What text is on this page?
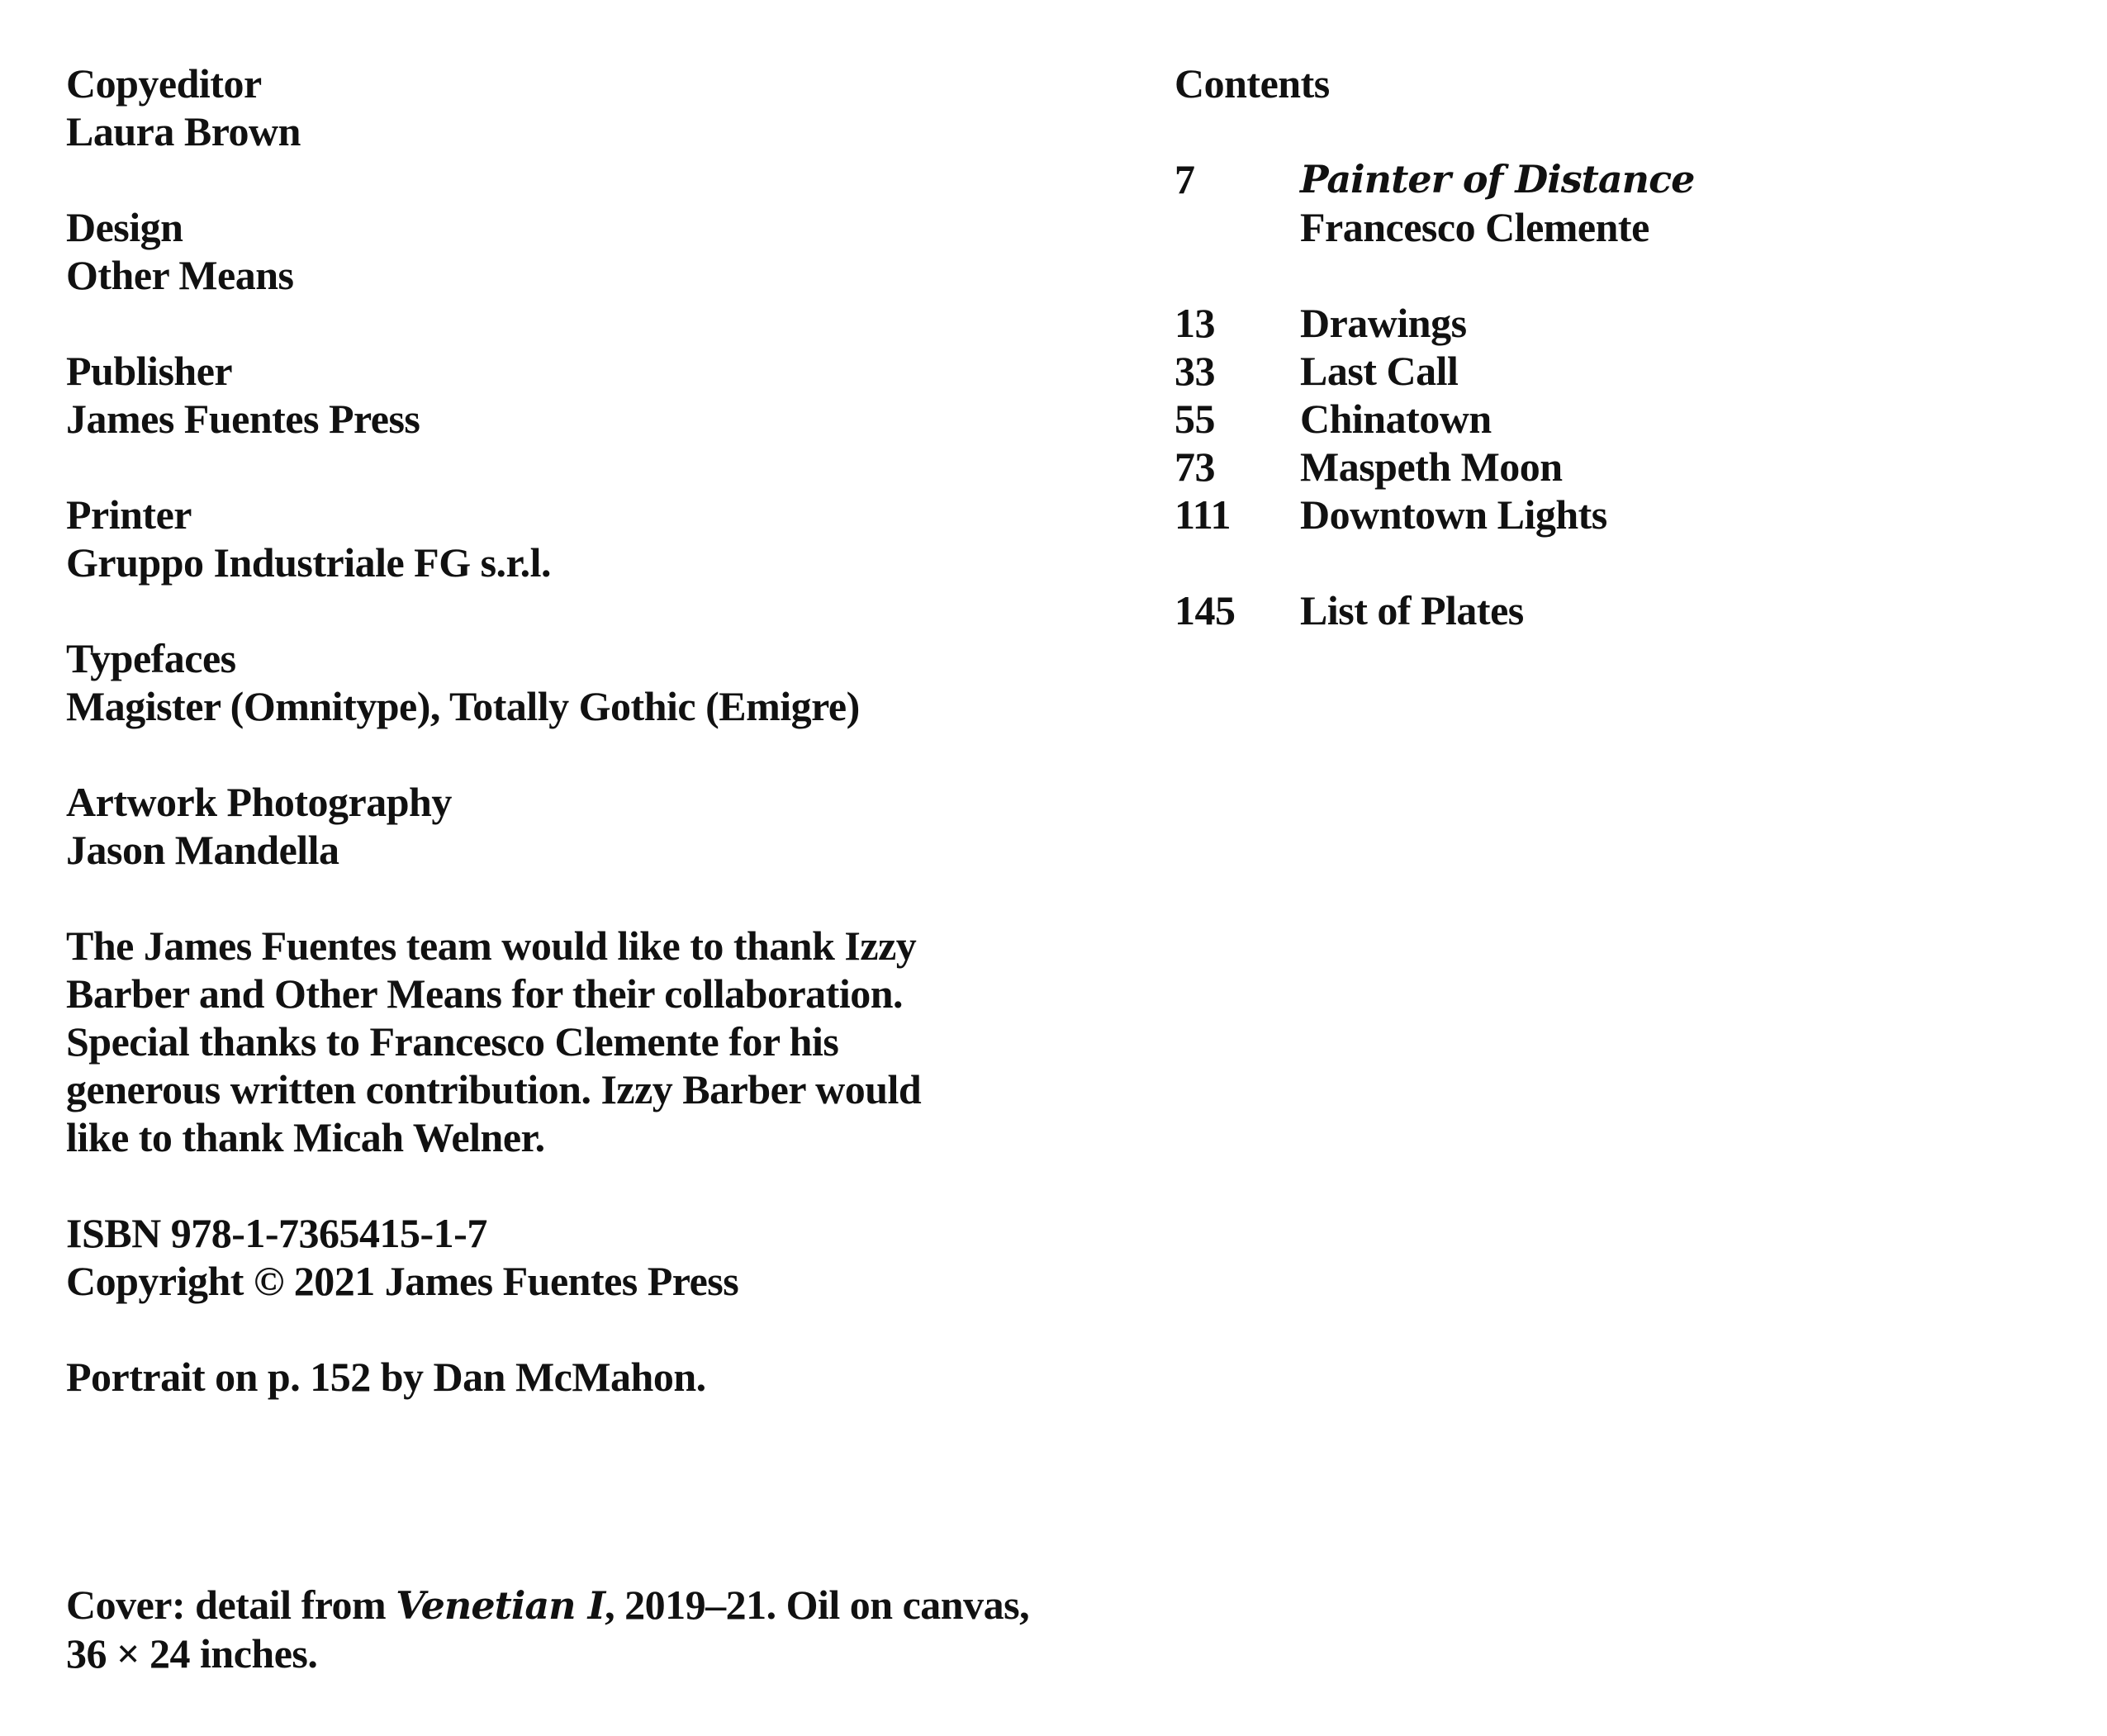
Copyeditor
Laura Brown
Design
Other Means
Publisher
James Fuentes Press
Printer
Gruppo Industriale FG s.r.l.
Typefaces
Magister (Omnitype), Totally Gothic (Emigre)
Artwork Photography
Jason Mandella
The James Fuentes team would like to thank Izzy Barber and Other Means for their collaboration. Special thanks to Francesco Clemente for his generous written contribution. Izzy Barber would like to thank Micah Welner.
ISBN 978-1-7365415-1-7
Copyright © 2021 James Fuentes Press
Portrait on p. 152 by Dan McMahon.
Cover: detail from Venetian I, 2019–21. Oil on canvas,
36 × 24 inches.
Contents
7	Painter of Distance
Francesco Clemente
13	Drawings
33	Last Call
55	Chinatown
73	Maspeth Moon
111	Downtown Lights
145	List of Plates
